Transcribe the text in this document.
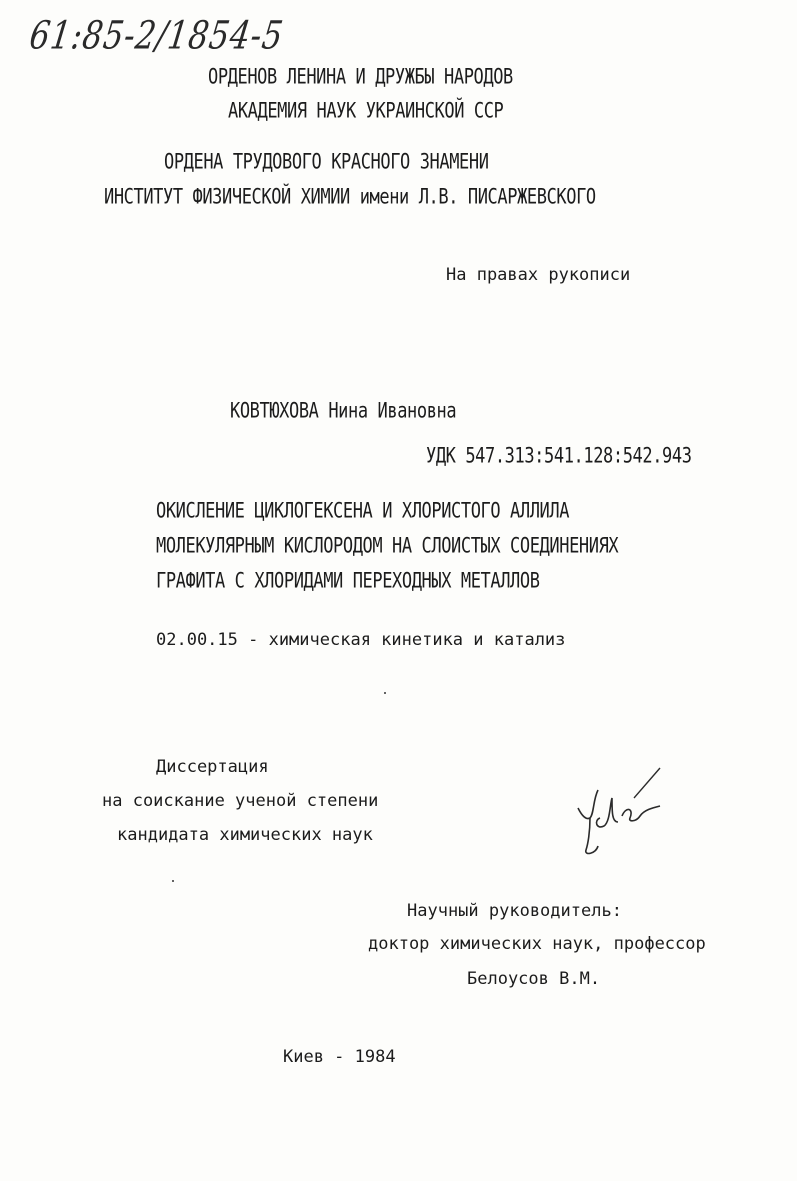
61:85-2/1854-5
ОРДЕНОВ ЛЕНИНА И ДРУЖБЫ НАРОДОВ
АКАДЕМИЯ НАУК УКРАИНСКОЙ ССР
ОРДЕНА ТРУДОВОГО КРАСНОГО ЗНАМЕНИ
ИНСТИТУТ ФИЗИЧЕСКОЙ ХИМИИ имени Л.В. ПИСАРЖЕВСКОГО
На правах рукописи
КОВТЮХОВА Нина Ивановна
УДК 547.313:541.128:542.943
ОКИСЛЕНИЕ ЦИКЛОГЕКСЕНА И ХЛОРИСТОГО АЛЛИЛА
МОЛЕКУЛЯРНЫМ КИСЛОРОДОМ НА СЛОИСТЫХ СОЕДИНЕНИЯХ
ГРАФИТА С ХЛОРИДАМИ ПЕРЕХОДНЫХ МЕТАЛЛОВ
02.00.15 - химическая кинетика и катализ
Диссертация
на соискание ученой степени
кандидата химических наук
Научный руководитель:
доктор химических наук, профессор
Белоусов В.М.
Киев - 1984
